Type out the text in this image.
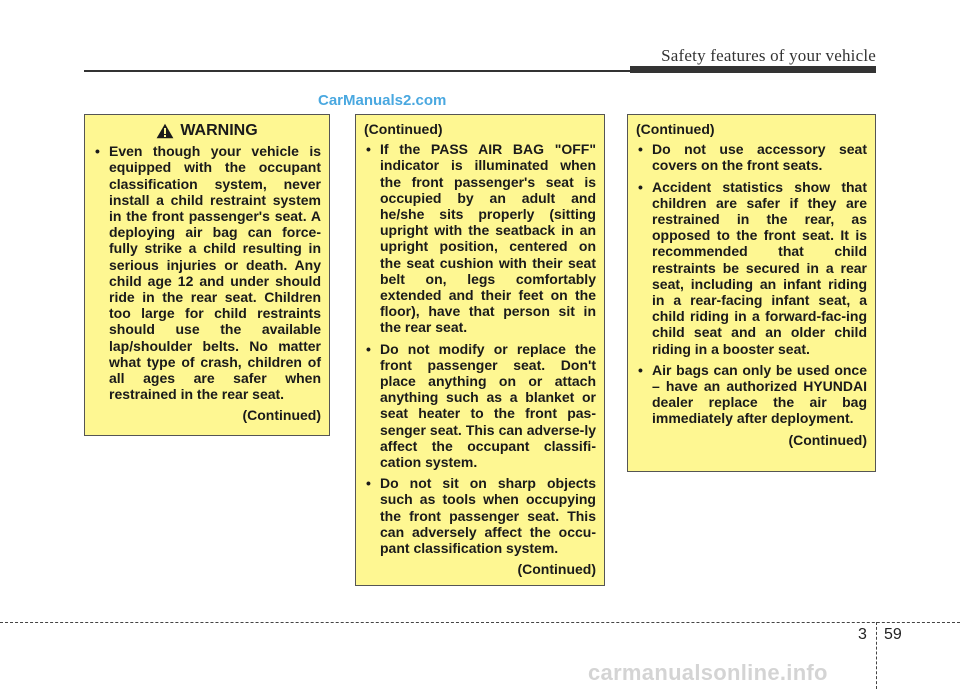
Safety features of your vehicle
CarManuals2.com
WARNING
• Even though your vehicle is equipped with the occupant classification system, never install a child restraint system in the front passenger's seat. A deploying air bag can force-fully strike a child resulting in serious injuries or death. Any child age 12 and under should ride in the rear seat. Children too large for child restraints should use the available lap/shoulder belts. No matter what type of crash, children of all ages are safer when restrained in the rear seat.
(Continued)
(Continued)
• If the PASS AIR BAG "OFF" indicator is illuminated when the front passenger's seat is occupied by an adult and he/she sits properly (sitting upright with the seatback in an upright position, centered on the seat cushion with their seat belt on, legs comfortably extended and their feet on the floor), have that person sit in the rear seat.
• Do not modify or replace the front passenger seat. Don't place anything on or attach anything such as a blanket or seat heater to the front pas-senger seat. This can adverse-ly affect the occupant classifi-cation system.
• Do not sit on sharp objects such as tools when occupying the front passenger seat. This can adversely affect the occu-pant classification system.
(Continued)
(Continued)
• Do not use accessory seat covers on the front seats.
• Accident statistics show that children are safer if they are restrained in the rear, as opposed to the front seat. It is recommended that child restraints be secured in a rear seat, including an infant riding in a rear-facing infant seat, a child riding in a forward-fac-ing child seat and an older child riding in a booster seat.
• Air bags can only be used once – have an authorized HYUNDAI dealer replace the air bag immediately after deployment.
(Continued)
3 59
carmanualsonline.info
